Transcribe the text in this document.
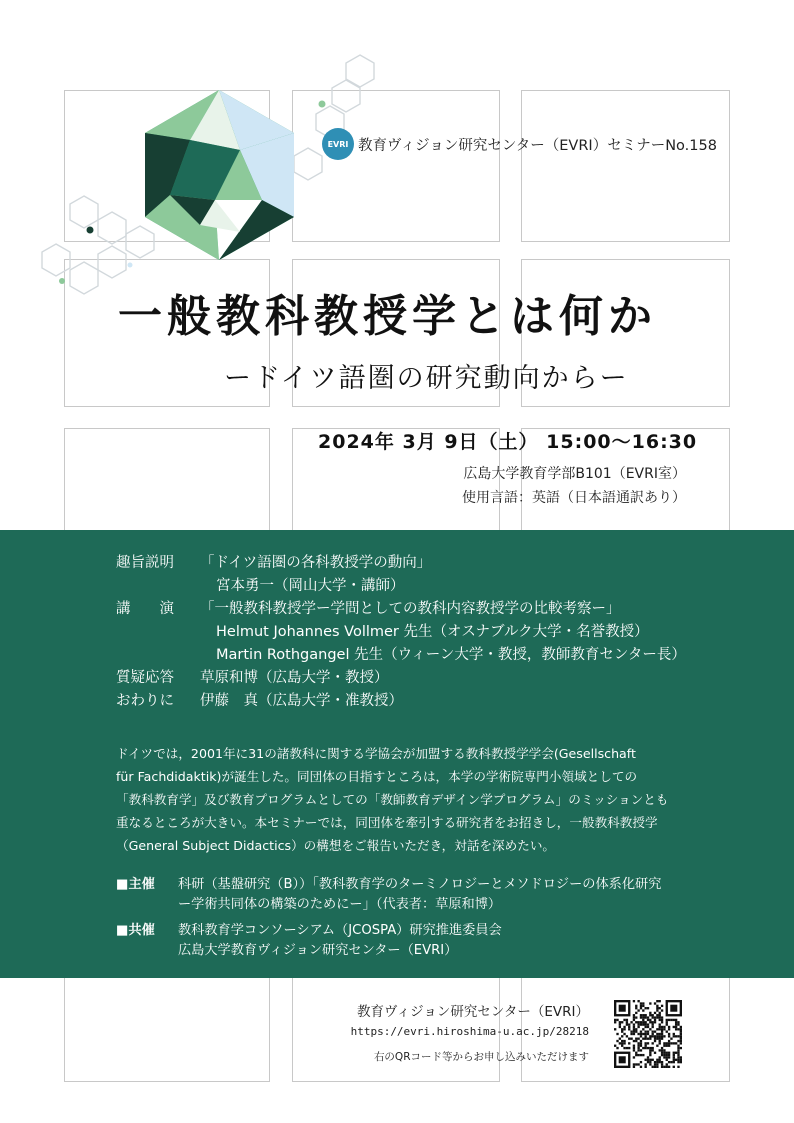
EVRI 教育ヴィジョン研究センター（EVRI）セミナーNo.158
一般教科教授学とは何か
ードイツ語圏の研究動向からー
2024年 3月 9日（土） 15:00～16:30
広島大学教育学部B101（EVRI室）
使用言語：英語（日本語通訳あり）
趣旨説明	「ドイツ語圏の各科教授学の動向」
宮本勇一（岡山大学・講師）
講　　演	「一般教科教授学ー学問としての教科内容教授学の比較考察ー」
Helmut Johannes Vollmer 先生（オスナブルク大学・名誉教授）
Martin Rothgangel 先生（ウィーン大学・教授，教師教育センター長）
質疑応答	草原和博（広島大学・教授）
おわりに	伊藤　真（広島大学・准教授）

ドイツでは，2001年に31の諸教科に関する学協会が加盟する教科教授学学会(Gesellschaft

für Fachdidaktik)が誕生した。同団体の目指すところは，本学の学術院専門小領域としての

「教科教育学」及び教育プログラムとしての「教師教育デザイン学プログラム」のミッションとも

重なるところが大きい。本セミナーでは，同団体を牽引する研究者をお招きし，一般教科教授学

（General Subject Didactics）の構想をご報告いただき，対話を深めたい。

■主催	科研（基盤研究（B））「教科教育学のターミノロジーとメソドロジーの体系化研究
ー学術共同体の構築のためにー」（代表者：草原和博）
■共催	教科教育学コンソーシアム（JCOSPA）研究推進委員会
広島大学教育ヴィジョン研究センター（EVRI）
教育ヴィジョン研究センター（EVRI）
https://evri.hiroshima-u.ac.jp/28218
右のQRコード等からお申し込みいただけます
